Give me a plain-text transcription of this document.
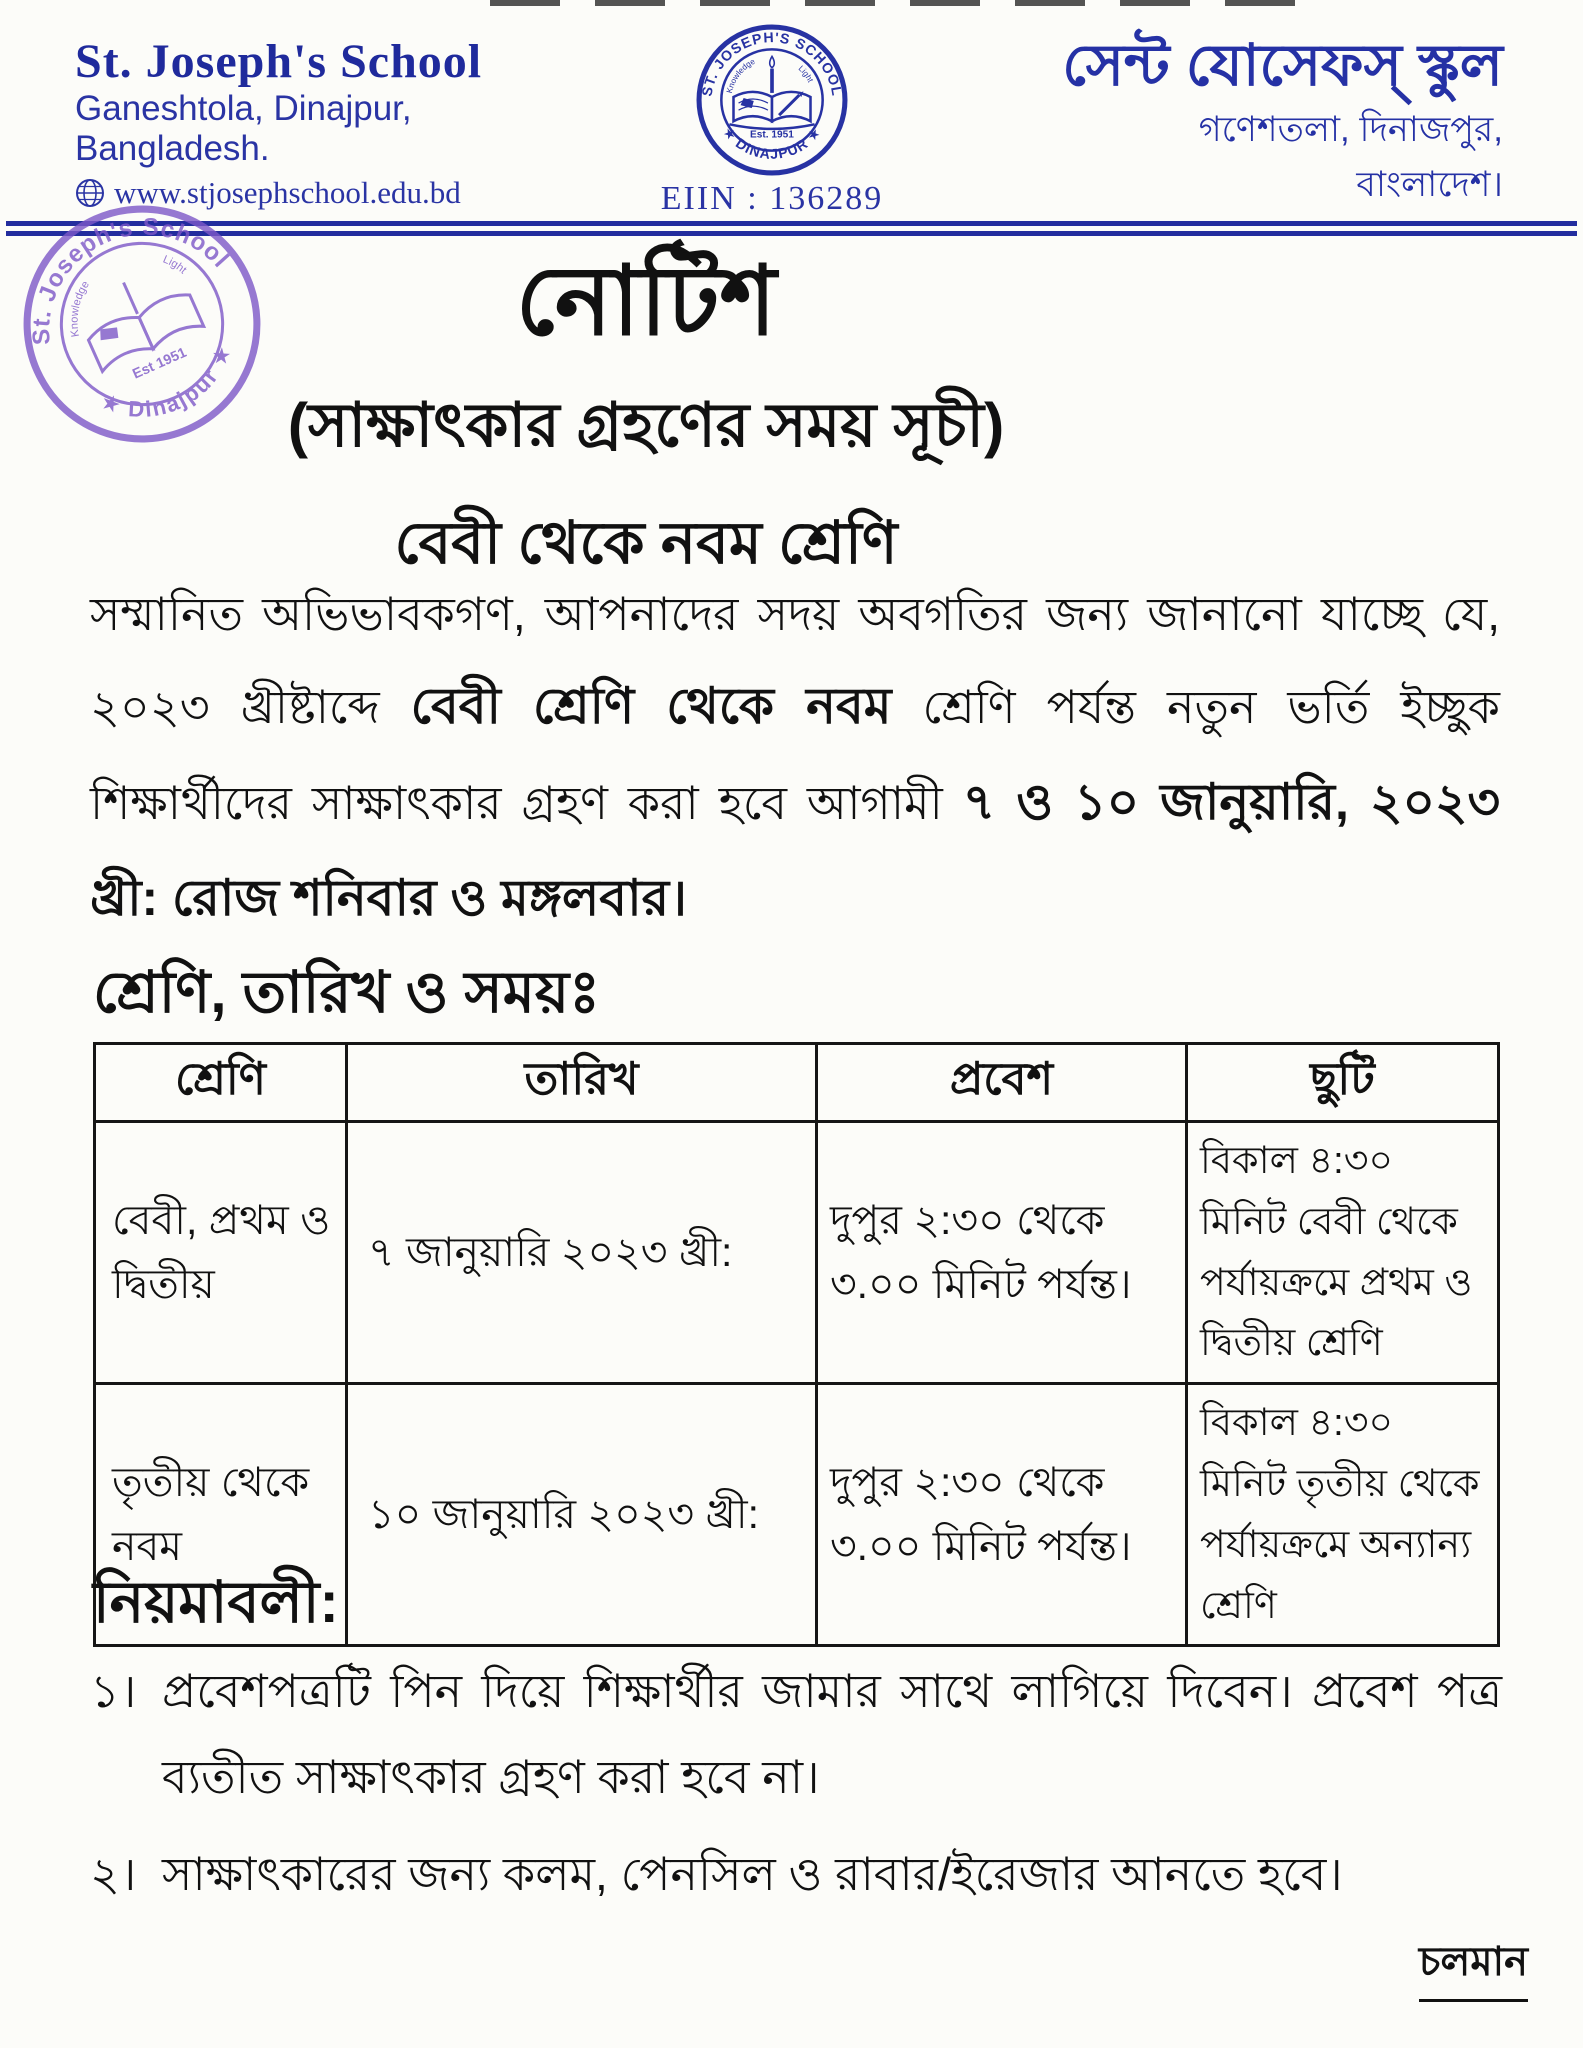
St. Joseph's School
Ganeshtola, Dinajpur,
Bangladesh.
www.stjosephschool.edu.bd
ST. JOSEPH'S SCHOOL
★ DINAJPUR ★
Knowledge
Light
Est. 1951
EIIN : 136289
সেন্ট যোসেফস্ স্কুল
গণেশতলা, দিনাজপুর,
বাংলাদেশ।
St. Joseph's School
★ Dinajpur ★
Knowledge
Light
Est 1951
নোটিশ
(সাক্ষাৎকার গ্রহণের সময় সূচী)
বেবী থেকে নবম শ্রেণি

সম্মানিত অভিভাবকগণ, আপনাদের সদয় অবগতির জন্য জানানো যাচ্ছে যে, ২০২৩ খ্রীষ্টাব্দে বেবী শ্রেণি থেকে নবম শ্রেণি পর্যন্ত নতুন ভর্তি ইচ্ছুক শিক্ষার্থীদের সাক্ষাৎকার গ্রহণ করা হবে আগামী ৭ ও ১০ জানুয়ারি, ২০২৩ খ্রী: রোজ শনিবার ও মঙ্গলবার।

শ্রেণি, তারিখ ও সময়ঃ
শ্রেণি	তারিখ	প্রবেশ	ছুটি
বেবী, প্রথম ও দ্বিতীয়	৭ জানুয়ারি ২০২৩ খ্রী:	দুপুর ২:৩০ থেকে ৩.০০ মিনিট পর্যন্ত।	বিকাল ৪:৩০ মিনিট বেবী থেকে পর্যায়ক্রমে প্রথম ও দ্বিতীয় শ্রেণি
তৃতীয় থেকে নবম	১০ জানুয়ারি ২০২৩ খ্রী:	দুপুর ২:৩০ থেকে ৩.০০ মিনিট পর্যন্ত।	বিকাল ৪:৩০ মিনিট তৃতীয় থেকে পর্যায়ক্রমে অন্যান্য শ্রেণি
নিয়মাবলী:
১। প্রবেশপত্রটি পিন দিয়ে শিক্ষার্থীর জামার সাথে লাগিয়ে দিবেন। প্রবেশ পত্র ব্যতীত সাক্ষাৎকার গ্রহণ করা হবে না।
২। সাক্ষাৎকারের জন্য কলম, পেনসিল ও রাবার/ইরেজার আনতে হবে।
চলমান
